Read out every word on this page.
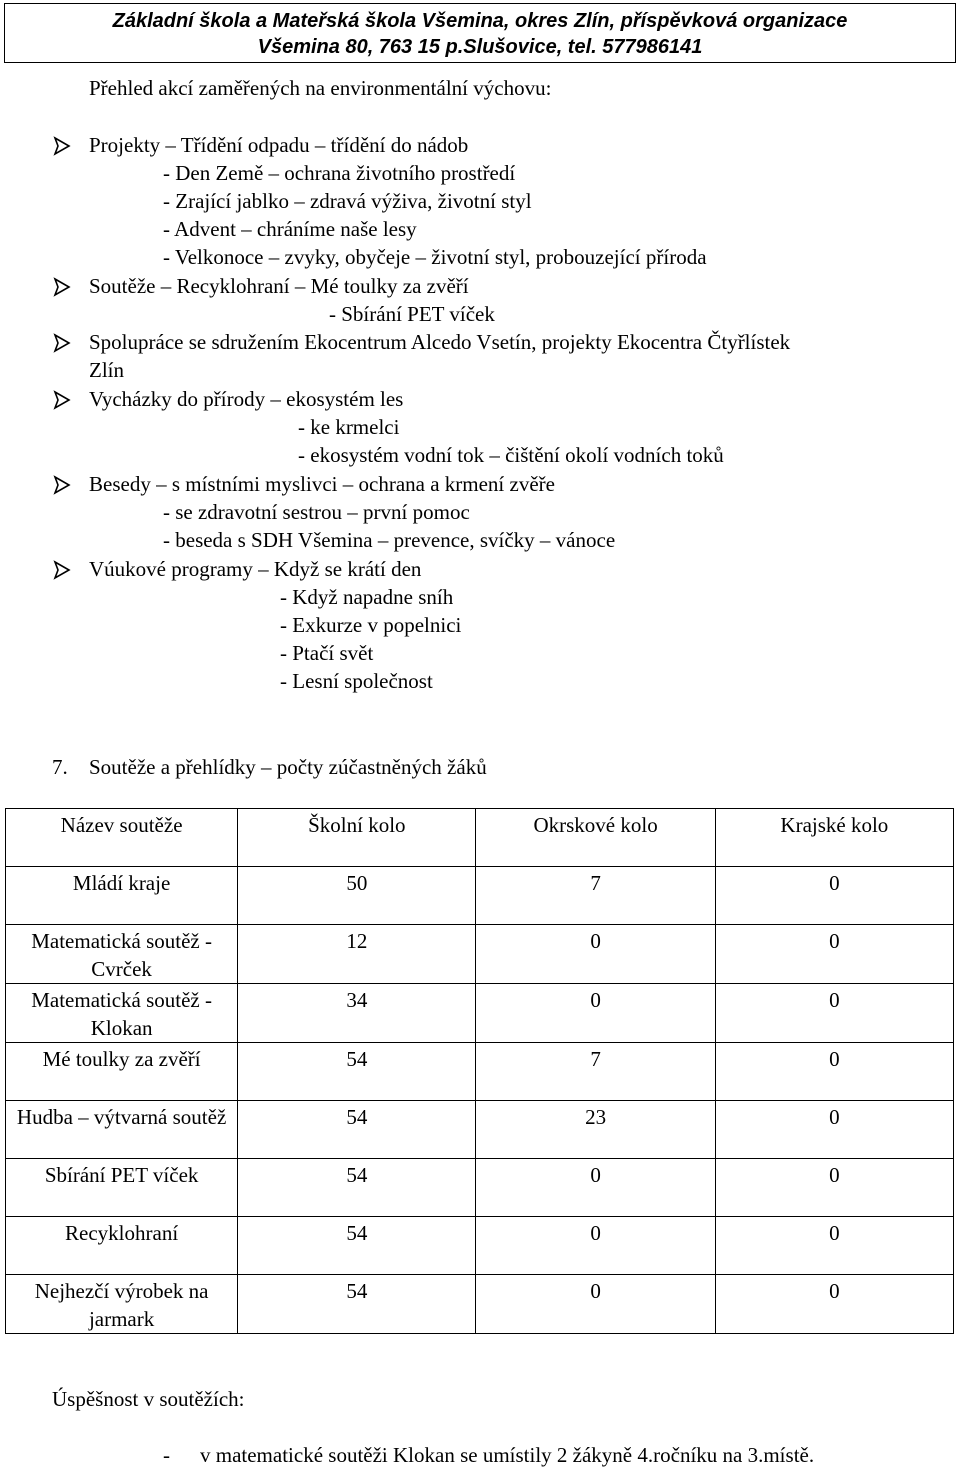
Základní škola a Mateřská škola Všemina, okres Zlín, příspěvková organizace
Všemina 80, 763 15 p.Slušovice, tel. 577986141
Přehled akcí zaměřených na environmentální výchovu:
Projekty – Třídění odpadu – třídění do nádob
- Den Země – ochrana životního prostředí
- Zrající jablko – zdravá výživa, životní styl
- Advent – chráníme naše lesy
- Velkonoce – zvyky, obyčeje – životní styl, probouzející příroda
Soutěže – Recyklohraní – Mé toulky za zvěří
- Sbírání PET víček
Spolupráce se sdružením Ekocentrum Alcedo Vsetín, projekty Ekocentra Čtyřlístek
Zlín
Vycházky do přírody – ekosystém les
- ke krmelci
- ekosystém vodní tok – čištění okolí vodních toků
Besedy – s místními myslivci – ochrana a krmení zvěře
- se zdravotní sestrou – první pomoc
- beseda s SDH Všemina – prevence, svíčky – vánoce
Vúukové programy – Když se krátí den
- Když napadne sníh
- Exkurze v popelnici
- Ptačí svět
- Lesní společnost
7. Soutěže a přehlídky – počty zúčastněných žáků
Název soutěže	Školní kolo	Okrskové kolo	Krajské kolo

Mládí kraje	50	7	0

Matematická soutěž - Cvrček	12	0	0

Matematická soutěž - Klokan	34	0	0

Mé toulky za zvěří	54	7	0

Hudba – výtvarná soutěž	54	23	0

Sbírání PET víček	54	0	0

Recyklohraní	54	0	0

Nejhezčí výrobek na jarmark	54	0	0
Úspěšnost v soutěžích:
- v matematické soutěži Klokan se umístily 2 žákyně 4.ročníku na 3.místě.
